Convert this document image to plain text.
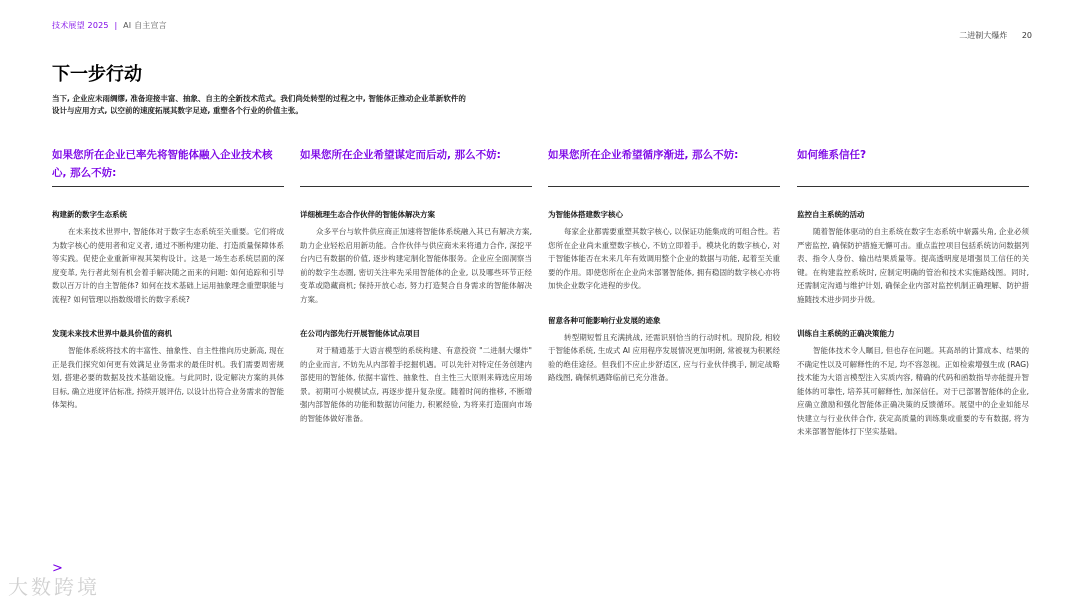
技术展望 2025 | AI 自主宣言
二进制大爆炸 20
下一步行动
当下, 企业应未雨绸缪, 准备迎接丰富、抽象、自主的全新技术范式。我们尚处转型的过程之中, 智能体正推动企业革新软件的设计与应用方式, 以空前的速度拓展其数字足迹, 重塑各个行业的价值主张。
如果您所在企业已率先将智能体融入企业技术核心, 那么不妨:
构建新的数字生态系统
在未来技术世界中, 智能体对于数字生态系统至关重要。它们将成为数字核心的使用者和定义者, 通过不断构建功能、打造质量保障体系等实践。促使企业重新审视其架构设计。这是一场生态系统层面的深度变革, 先行者此刻有机会着手解决随之而来的问题: 如何追踪和引导数以百万计的自主智能体? 如何在技术基础上运用抽象理念重塑职能与流程? 如何管理以指数级增长的数字系统?
发现未来技术世界中最具价值的商机
智能体系统将技术的丰富性、抽象性、自主性推向历史新高, 现在正是我们探究如何更有效满足业务需求的最佳时机。我们需要周密规划, 搭建必要的数据及技术基础设施。与此同时, 设定解决方案的具体目标, 确立进度评估标准, 持续开展评估, 以设计出符合业务需求的智能体架构。
如果您所在企业希望谋定而后动, 那么不妨:
详细梳理生态合作伙伴的智能体解决方案
众多平台与软件供应商正加速将智能体系统融入其已有解决方案, 助力企业轻松启用新功能。合作伙伴与供应商未来将通力合作, 深挖平台内已有数据的价值, 逐步构建定制化智能体服务。企业应全面洞察当前的数字生态圈, 密切关注率先采用智能体的企业, 以及哪些环节正经变革或隐藏商机; 保持开放心态, 努力打造契合自身需求的智能体解决方案。
在公司内部先行开展智能体试点项目
对于精通基于大语言模型的系统构建、有意投资 "二进制大爆炸" 的企业而言, 不妨先从内部着手挖掘机遇。可以先针对特定任务创建内部使用的智能体, 依据丰富性、抽象性、自主性三大原则来筛选应用场景。初期可小规模试点, 再逐步提升复杂度。随着时间的推移, 不断增强内部智能体的功能和数据访问能力, 积累经验, 为将来打造面向市场的智能体做好准备。
如果您所在企业希望循序渐进, 那么不妨:
为智能体搭建数字核心
每家企业都需要重塑其数字核心, 以保证功能集成的可组合性。若您所在企业尚未重塑数字核心, 不妨立即着手。模块化的数字核心, 对于智能体能否在未来几年有效调用整个企业的数据与功能, 起着至关重要的作用。即使您所在企业尚未部署智能体, 拥有稳固的数字核心亦将加快企业数字化进程的步伐。
留意各种可能影响行业发展的迹象
转型期短暂且充满挑战, 还需识别恰当的行动时机。现阶段, 相较于智能体系统, 生成式 AI 应用程序发展情况更加明朗, 常被视为积累经验的绝佳途径。但我们不应止步舒适区, 应与行业伙伴携手, 制定战略路线图, 确保机遇降临前已充分准备。
如何维系信任?
监控自主系统的活动
随着智能体驱动的自主系统在数字生态系统中崭露头角, 企业必须严密监控, 确保防护措施无懈可击。重点监控项目包括系统访问数据列表、指令人身份、输出结果质量等。提高透明度是增强员工信任的关键。在构建监控系统时, 应制定明确的管治和技术实施路线图。同时, 还需制定沟通与维护计划, 确保企业内部对监控机制正确理解、防护措施随技术进步同步升级。
训练自主系统的正确决策能力
智能体技术令人瞩目, 但也存在问题。其高昂的计算成本、结果的不确定性以及可解释性的不足, 均不容忽视。正如检索增强生成 (RAG) 技术能为大语言模型注入实质内容, 精确的代码和函数指导亦能提升智能体的可靠性, 培养其可解释性, 加深信任。对于已部署智能体的企业, 应确立激励和强化智能体正确决策的反馈循环。展望中的企业如能尽快建立与行业伙伴合作, 获定高质量的训练集或重要的专有数据, 将为未来部署智能体打下坚实基础。
>
大数跨境
